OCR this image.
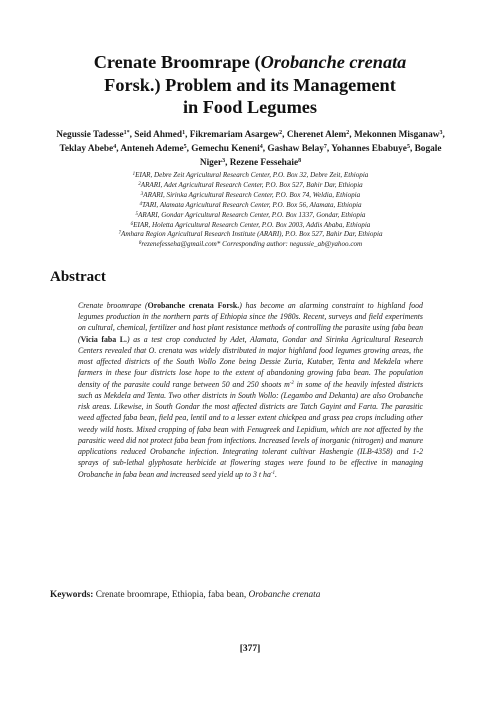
Crenate Broomrape (Orobanche crenata
Forsk.) Problem and its Management
in Food Legumes
Negussie Tadesse$^{1*}$, Seid Ahmed$^1$, Fikremariam Asargew$^2$, Cherenet Alem$^2$, Mekonnen Misganaw$^3$, Teklay Abebe$^4$, Anteneh Ademe$^5$, Gemechu Keneni$^4$, Gashaw Belay$^7$, Yohannes Ebabuye$^5$, Bogale Niger$^3$, Rezene Fessehaie$^8$
$^1$EIAR, Debre Zeit Agricultural Research Center, P.O. Box 32, Debre Zeit, Ethiopia
$^2$ARARI, Adet Agricultural Research Center, P.O. Box 527, Bahir Dar, Ethiopia
$^3$ARARI, Sirinka Agricultural Research Center, P.O. Box 74, Weldia, Ethiopia
$^4$TARI, Alamata Agricultural Research Center, P.O. Box 56, Alamata, Ethiopia
$^5$ARARI, Gondar Agricultural Research Center, P.O. Box 1337, Gondar, Ethiopia
$^6$EIAR, Holetta Agricultural Research Center, P.O. Box 2003, Addis Ababa, Ethiopia
$^7$Amhara Region Agricultural Research Institute (ARARI), P.O. Box 527, Bahir Dar, Ethiopia
$^8$rezenefesseha@gmail.com* Corresponding author: negussie_ab@yahoo.com
Abstract
Crenate broomrape (Orobanche crenata Forsk.) has become an alarming constraint to highland food legumes production in the northern parts of Ethiopia since the 1980s. Recent, surveys and field experiments on cultural, chemical, fertilizer and host plant resistance methods of controlling the parasite using faba bean (Vicia faba L.) as a test crop conducted by Adet, Alamata, Gondar and Sirinka Agricultural Research Centers revealed that O. crenata was widely distributed in major highland food legumes growing areas, the most affected districts of the South Wollo Zone being Dessie Zuria, Kutaber, Tenta and Mekdela where farmers in these four districts lose hope to the extent of abandoning growing faba bean. The population density of the parasite could range between 50 and 250 shoots $m^{-2}$ in some of the heavily infested districts such as Mekdela and Tenta. Two other districts in South Wollo: (Legambo and Dekanta) are also Orobanche risk areas. Likewise, in South Gondar the most affected districts are Tatch Gayint and Farta. The parasitic weed affected faba bean, field pea, lentil and to a lesser extent chickpea and grass pea crops including other weedy wild hosts. Mixed cropping of faba bean with Fenugreek and Lepidium, which are not affected by the parasitic weed did not protect faba bean from infections. Increased levels of inorganic (nitrogen) and manure applications reduced Orobanche infection. Integrating tolerant cultivar Hashengie (ILB-4358) and 1-2 sprays of sub-lethal glyphosate herbicide at flowering stages were found to be effective in managing Orobanche in faba bean and increased seed yield up to 3 t $ha^{-1}$.
Keywords: Crenate broomrape, Ethiopia, faba bean, Orobanche crenata
[377]
